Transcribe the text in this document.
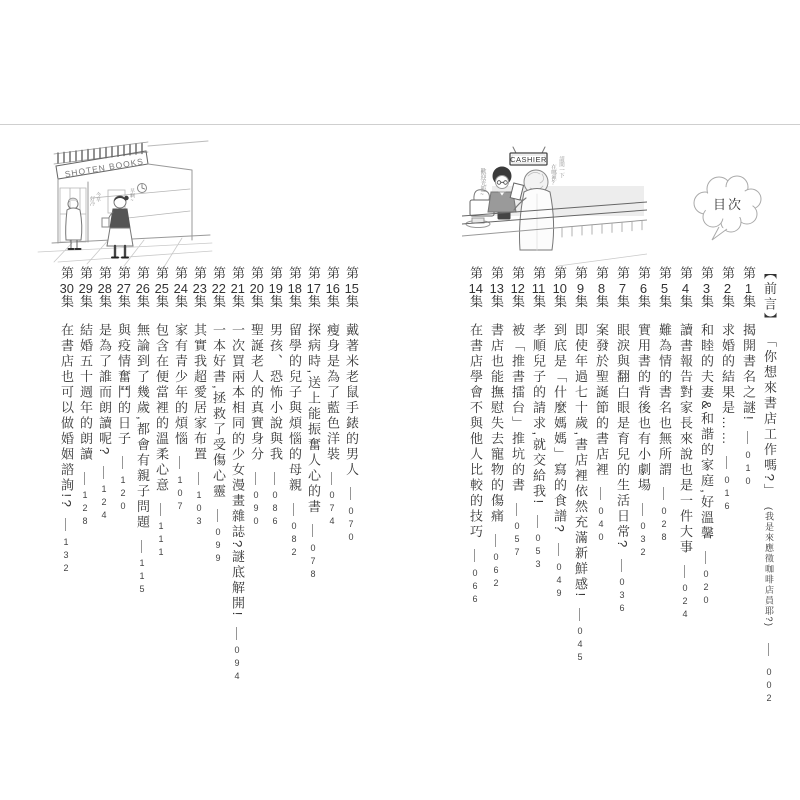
SHOTEN BOOKS
今早
好冷	早啊~
CASHIER
歡迎光臨~
請問一下
在哪裡?
目次
【前言】 「你想來書店工作嗎?」 (我是來應徵咖啡店員耶?) — 002
第1集揭開書名之謎!—010
第2集求婚的結果是……—016
第3集和睦的夫妻&和諧的家庭,好溫馨—020
第4集讀書報告對家長來說也是一件大事—024
第5集難為情的書名也無所謂—028
第6集實用書的背後也有小劇場—032
第7集眼淚與翻白眼是育兒的生活日常?—036
第8集案發於聖誕節的書店裡—040
第9集即使年過七十歲,書店裡依然充滿新鮮感!—045
第10集到底是「什麼媽媽」寫的食譜?—049
第11集孝順兒子的請求,就交給我!—053
第12集被「推書擂台」推坑的書—057
第13集書店也能撫慰失去寵物的傷痛—062
第14集在書店學會不與他人比較的技巧—066
第15集戴著米老鼠手錶的男人—070
第16集瘦身是為了藍色洋裝—074
第17集探病時,送上能振奮人心的書—078
第18集留學的兒子與煩惱的母親—082
第19集男孩、恐怖小說與我—086
第20集聖誕老人的真實身分—090
第21集一次買兩本相同的少女漫畫雜誌?謎底解開!—094
第22集一本好書,拯救了受傷心靈—099
第23集其實我超愛居家布置—103
第24集家有青少年的煩惱—107
第25集包含在便當裡的溫柔心意—111
第26集無論到了幾歲,都會有親子問題—115
第27集與疫情奮鬥的日子—120
第28集是為了誰而朗讀呢?—124
第29集結婚五十週年的朗讀—128
第30集在書店也可以做婚姻諮詢!?—132
